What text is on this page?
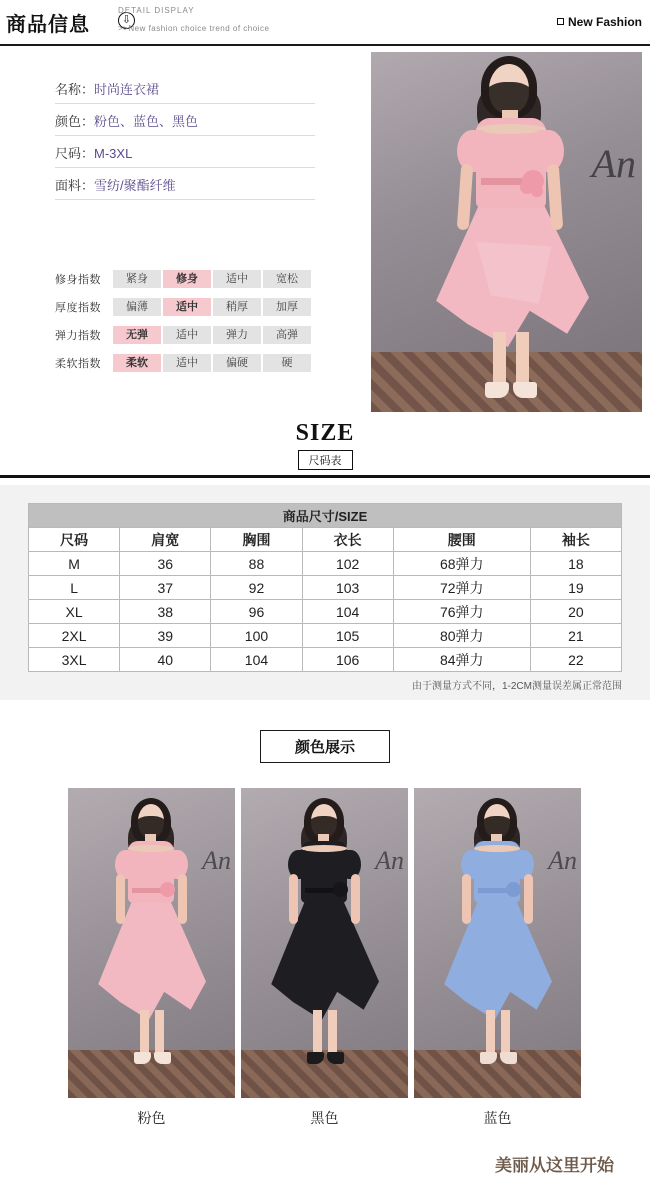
商品信息	⇩
DETAIL DISPLAY
>>New fashion choice trend of choice	New Fashion
名称：时尚连衣裙
颜色：粉色、蓝色、黑色
尺码：M-3XL
面料：雪纺/聚酯纤维
修身指数	紧身	修身	适中	宽松
厚度指数	偏薄	适中	稍厚	加厚
弹力指数	无弹	适中	弹力	高弹
柔软指数	柔软	适中	偏硬	硬
An
SIZE
尺码表
商品尺寸/SIZE					
尺码	肩宽	胸围	衣长	腰围	袖长
M	36	88	102	68弹力	18
L	37	92	103	72弹力	19
XL	38	96	104	76弹力	20
2XL	39	100	105	80弹力	21
3XL	40	104	106	84弹力	22
由于测量方式不同，1-2CM测量误差属正常范围
颜色展示
An
粉色
An
黑色
An
蓝色
美丽从这里开始
